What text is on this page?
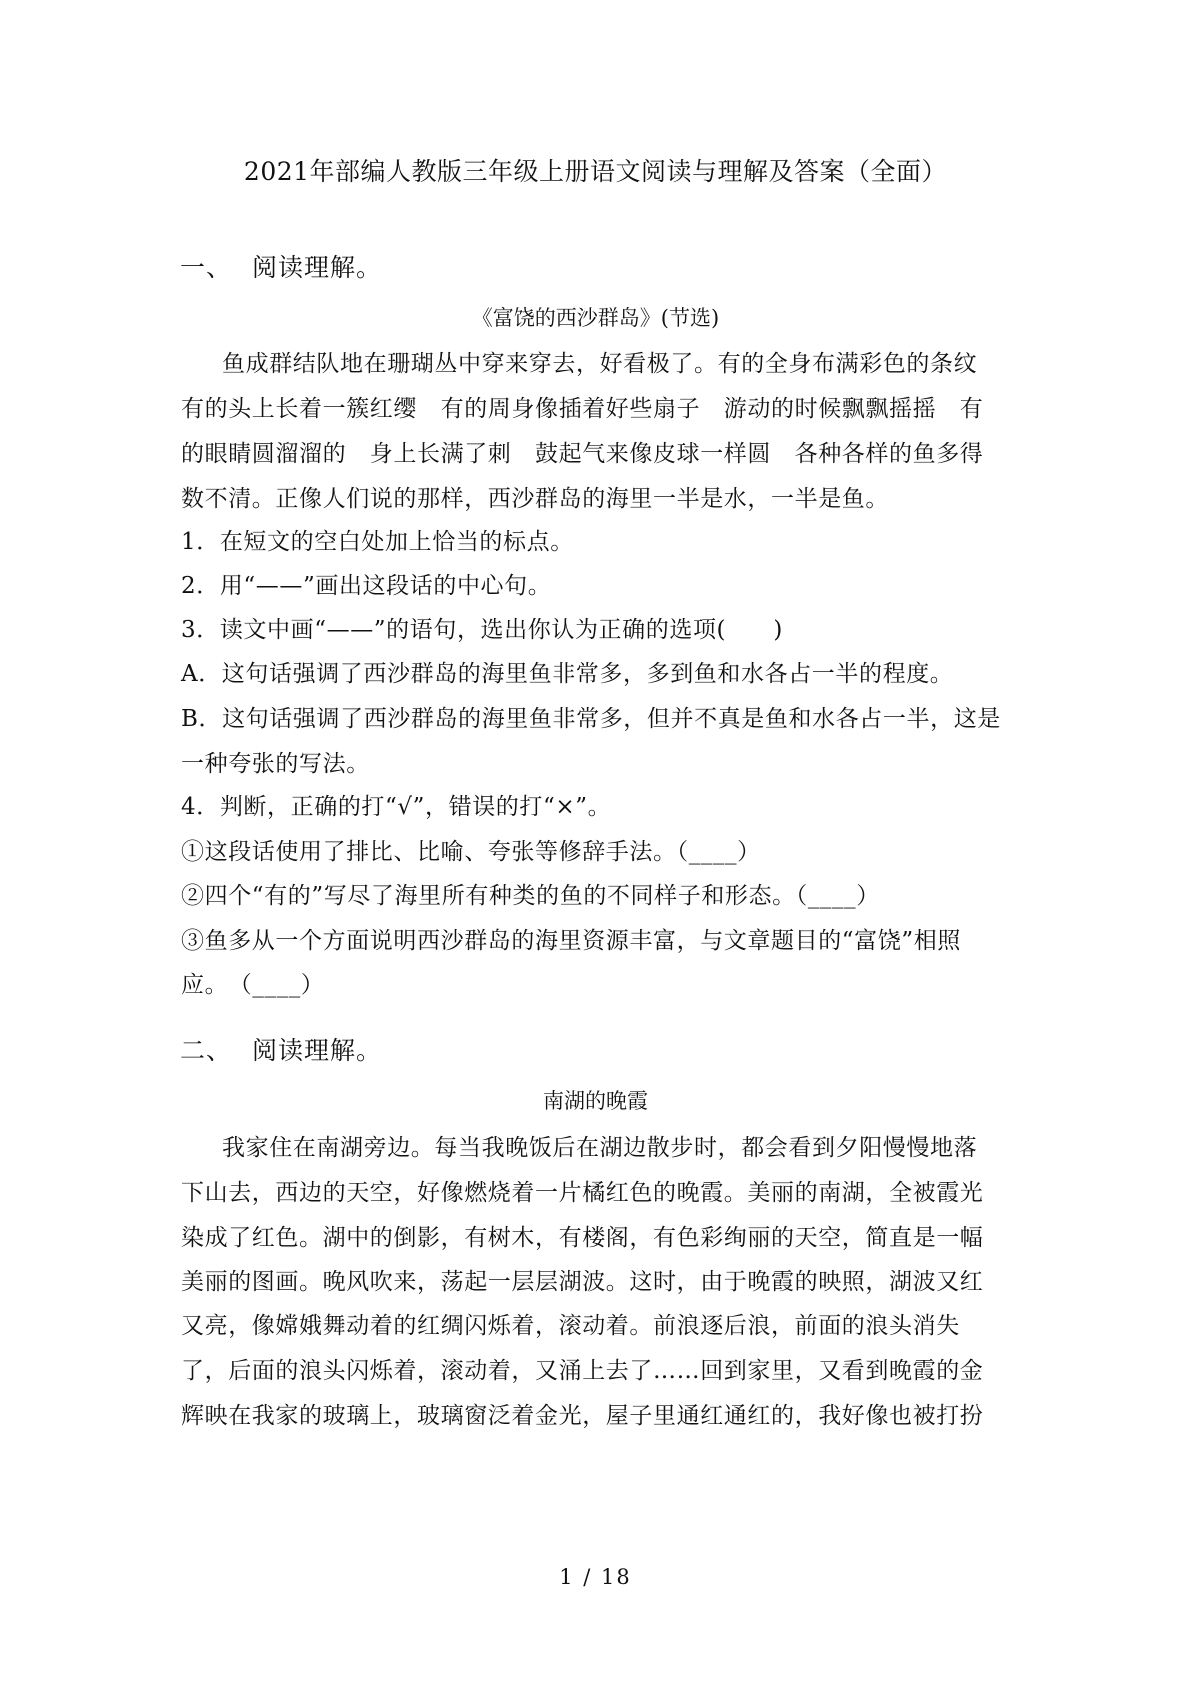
2021年部编人教版三年级上册语文阅读与理解及答案（全面）
一、 阅读理解。
《富饶的西沙群岛》(节选)
鱼成群结队地在珊瑚丛中穿来穿去，好看极了。有的全身布满彩色的条纹
有的头上长着一簇红缨　有的周身像插着好些扇子　游动的时候飘飘摇摇　有
的眼睛圆溜溜的　身上长满了刺　鼓起气来像皮球一样圆　各种各样的鱼多得
数不清。正像人们说的那样，西沙群岛的海里一半是水，一半是鱼。
1．在短文的空白处加上恰当的标点。
2．用“——”画出这段话的中心句。
3．读文中画“——”的语句，选出你认为正确的选项(　　)
A．这句话强调了西沙群岛的海里鱼非常多，多到鱼和水各占一半的程度。
B．这句话强调了西沙群岛的海里鱼非常多，但并不真是鱼和水各占一半，这是
一种夸张的写法。
4．判断，正确的打“√”，错误的打“×”。
①这段话使用了排比、比喻、夸张等修辞手法。（____）
②四个“有的”写尽了海里所有种类的鱼的不同样子和形态。（____）
③鱼多从一个方面说明西沙群岛的海里资源丰富，与文章题目的“富饶”相照
应。　（____）
二、 阅读理解。
南湖的晚霞
我家住在南湖旁边。每当我晚饭后在湖边散步时，都会看到夕阳慢慢地落
下山去，西边的天空，好像燃烧着一片橘红色的晚霞。美丽的南湖，全被霞光
染成了红色。湖中的倒影，有树木，有楼阁，有色彩绚丽的天空，简直是一幅
美丽的图画。晚风吹来，荡起一层层湖波。这时，由于晚霞的映照，湖波又红
又亮，像嫦娥舞动着的红绸闪烁着，滚动着。前浪逐后浪，前面的浪头消失
了，后面的浪头闪烁着，滚动着，又涌上去了……回到家里，又看到晚霞的金
辉映在我家的玻璃上，玻璃窗泛着金光，屋子里通红通红的，我好像也被打扮
1 / 18
